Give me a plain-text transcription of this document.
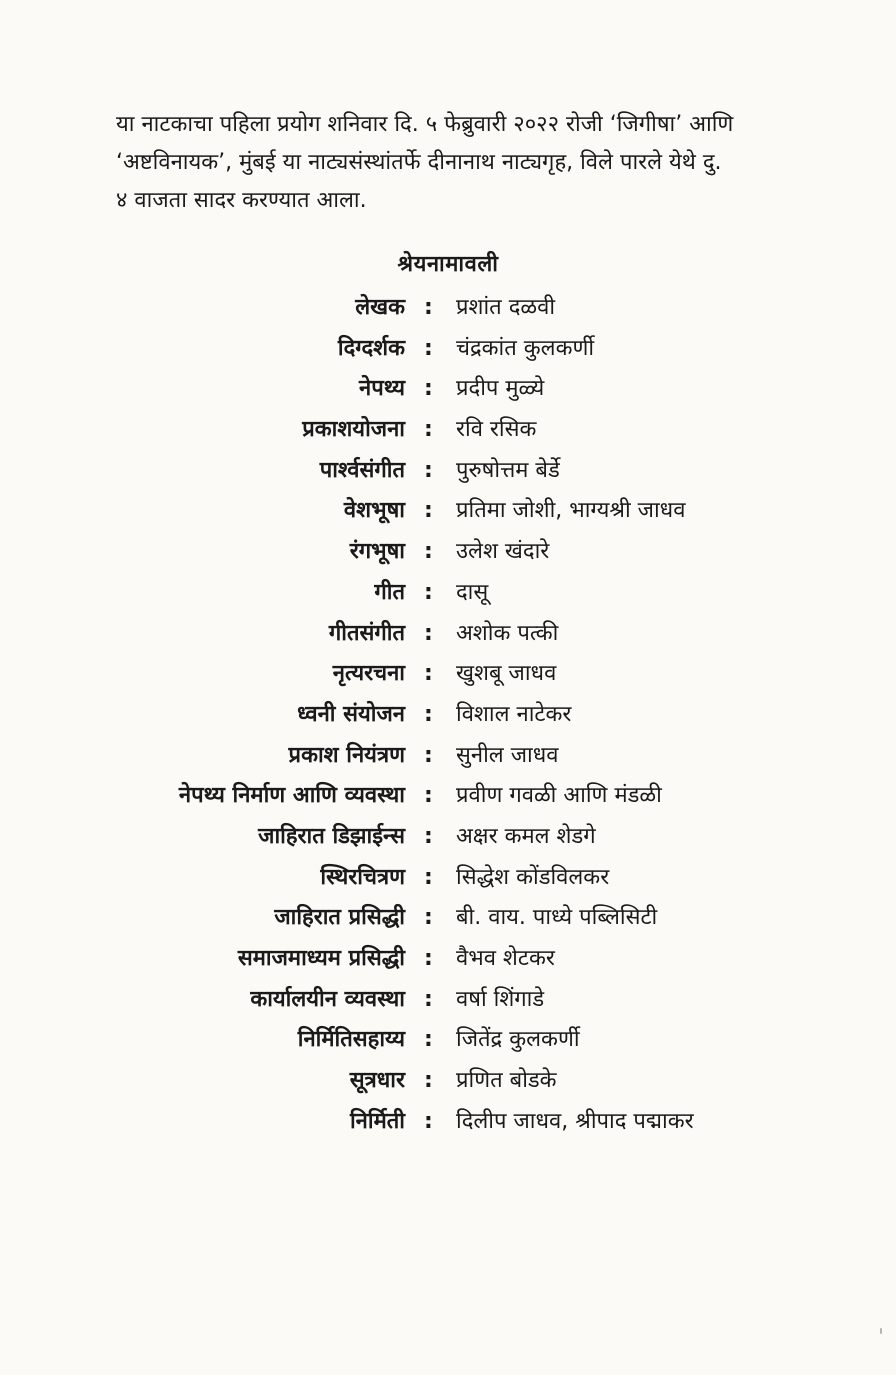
या नाटकाचा पहिला प्रयोग शनिवार दि. ५ फेब्रुवारी २०२२ रोजी ‘जिगीषा’ आणि
‘अष्टविनायक’, मुंबई या नाट्यसंस्थांतर्फे दीनानाथ नाट्यगृह, विले पारले येथे दु.
४ वाजता सादर करण्यात आला.
श्रेयनामावली
लेखक : प्रशांत दळवी
दिग्दर्शक : चंद्रकांत कुलकर्णी
नेपथ्य : प्रदीप मुळ्ये
प्रकाशयोजना : रवि रसिक
पार्श्वसंगीत : पुरुषोत्तम बेर्डे
वेशभूषा : प्रतिमा जोशी, भाग्यश्री जाधव
रंगभूषा : उलेश खंदारे
गीत : दासू
गीतसंगीत : अशोक पत्की
नृत्यरचना : खुशबू जाधव
ध्वनी संयोजन : विशाल नाटेकर
प्रकाश नियंत्रण : सुनील जाधव
नेपथ्य निर्माण आणि व्यवस्था : प्रवीण गवळी आणि मंडळी
जाहिरात डिझाईन्स : अक्षर कमल शेडगे
स्थिरचित्रण : सिद्धेश कोंडविलकर
जाहिरात प्रसिद्धी : बी. वाय. पाध्ये पब्लिसिटी
समाजमाध्यम प्रसिद्धी : वैभव शेटकर
कार्यालयीन व्यवस्था : वर्षा शिंगाडे
निर्मितिसहाय्य : जितेंद्र कुलकर्णी
सूत्रधार : प्रणित बोडके
निर्मिती : दिलीप जाधव, श्रीपाद पद्माकर
